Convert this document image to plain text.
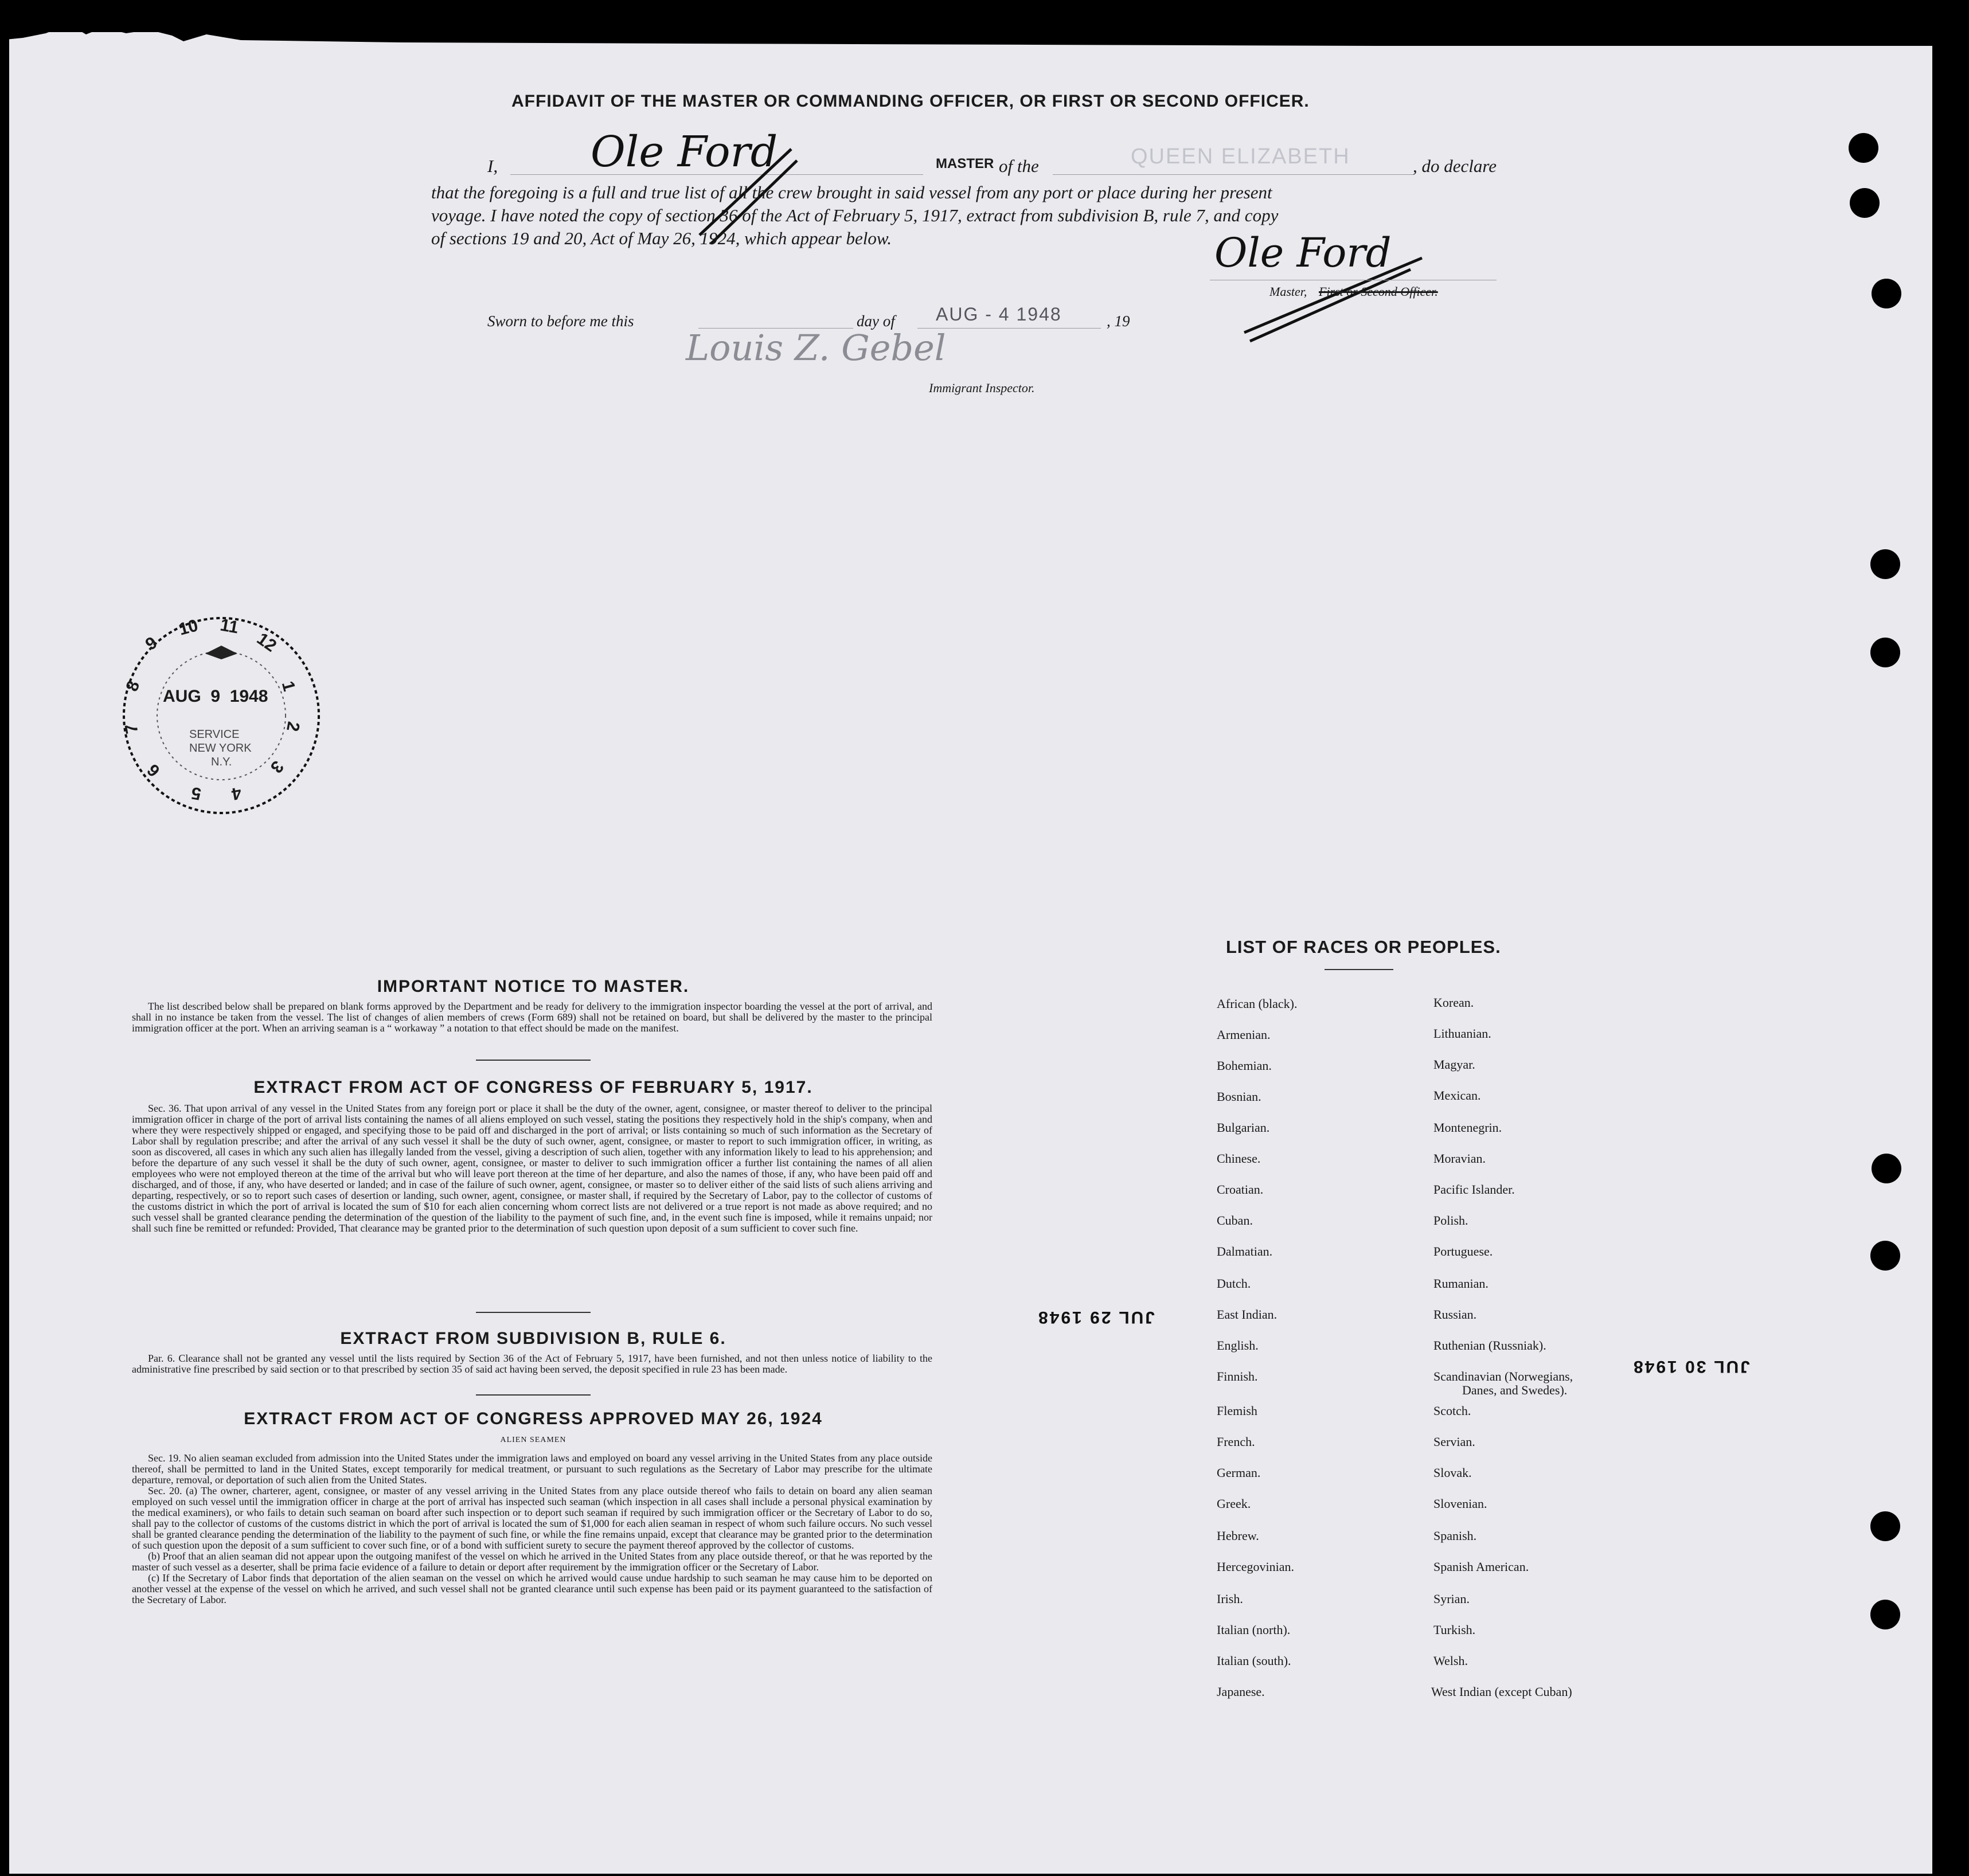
AFFIDAVIT OF THE MASTER OR COMMANDING OFFICER, OR FIRST OR SECOND OFFICER.
I, Ole Ford	MASTER of the	QUEEN ELIZABETH	, do declare
that the foregoing is a full and true list of all the crew brought in said vessel from any port or place during her present
voyage. I have noted the copy of section 36 of the Act of February 5, 1917, extract from subdivision B, rule 7, and copy
of sections 19 and 20, Act of May 26, 1924, which appear below.	Ole Ford
Master, First or Second Officer.
Sworn to before me this	day of AUG - 4 1948	, 19
Louis Z. Gebel
Immigrant Inspector.
9
10 11
12
1
2
3
4
5
6
7
8
AUG  9  1948
SERVICE
NEW YORK
N.Y.
IMPORTANT NOTICE TO MASTER.
The list described below shall be prepared on blank forms approved by the Department and be ready for delivery to the immigration inspector boarding the vessel at the port of arrival, and shall in no instance be taken from the vessel. The list of changes of alien members of crews (Form 689) shall not be retained on board, but shall be delivered by the master to the principal immigration officer at the port. When an arriving seaman is a “ workaway ” a notation to that effect should be made on the manifest.
EXTRACT FROM ACT OF CONGRESS OF FEBRUARY 5, 1917.
Sec. 36. That upon arrival of any vessel in the United States from any foreign port or place it shall be the duty of the owner, agent, consignee, or master thereof to deliver to the principal immigration officer in charge of the port of arrival lists containing the names of all aliens employed on such vessel, stating the positions they respectively hold in the ship's company, when and where they were respectively shipped or engaged, and specifying those to be paid off and discharged in the port of arrival; or lists containing so much of such information as the Secretary of Labor shall by regulation prescribe; and after the arrival of any such vessel it shall be the duty of such owner, agent, consignee, or master to report to such immigration officer, in writing, as soon as discovered, all cases in which any such alien has illegally landed from the vessel, giving a description of such alien, together with any information likely to lead to his apprehension; and before the departure of any such vessel it shall be the duty of such owner, agent, consignee, or master to deliver to such immigration officer a further list containing the names of all alien employees who were not employed thereon at the time of the arrival but who will leave port thereon at the time of her departure, and also the names of those, if any, who have been paid off and discharged, and of those, if any, who have deserted or landed; and in case of the failure of such owner, agent, consignee, or master so to deliver either of the said lists of such aliens arriving and departing, respectively, or so to report such cases of desertion or landing, such owner, agent, consignee, or master shall, if required by the Secretary of Labor, pay to the collector of customs of the customs district in which the port of arrival is located the sum of $10 for each alien concerning whom correct lists are not delivered or a true report is not made as above required; and no such vessel shall be granted clearance pending the determination of the question of the liability to the payment of such fine, and, in the event such fine is imposed, while it remains unpaid; nor shall such fine be remitted or refunded: Provided, That clearance may be granted prior to the determination of such question upon deposit of a sum sufficient to cover such fine.
EXTRACT FROM SUBDIVISION B, RULE 6.
Par. 6. Clearance shall not be granted any vessel until the lists required by Section 36 of the Act of February 5, 1917, have been furnished, and not then unless notice of liability to the administrative fine prescribed by said section or to that prescribed by section 35 of said act having been served, the deposit specified in rule 23 has been made.
EXTRACT FROM ACT OF CONGRESS APPROVED MAY 26, 1924
ALIEN SEAMEN

Sec. 19. No alien seaman excluded from admission into the United States under the immigration laws and employed on board any vessel arriving in the United States from any place outside thereof, shall be permitted to land in the United States, except temporarily for medical treatment, or pursuant to such regulations as the Secretary of Labor may prescribe for the ultimate departure, removal, or deportation of such alien from the United States.

Sec. 20. (a) The owner, charterer, agent, consignee, or master of any vessel arriving in the United States from any place outside thereof who fails to detain on board any alien seaman employed on such vessel until the immigration officer in charge at the port of arrival has inspected such seaman (which inspection in all cases shall include a personal physical examination by the medical examiners), or who fails to detain such seaman on board after such inspection or to deport such seaman if required by such immigration officer or the Secretary of Labor to do so, shall pay to the collector of customs of the customs district in which the port of arrival is located the sum of $1,000 for each alien seaman in respect of whom such failure occurs. No such vessel shall be granted clearance pending the determination of the liability to the payment of such fine, or while the fine remains unpaid, except that clearance may be granted prior to the determination of such question upon the deposit of a sum sufficient to cover such fine, or of a bond with sufficient surety to secure the payment thereof approved by the collector of customs.

(b) Proof that an alien seaman did not appear upon the outgoing manifest of the vessel on which he arrived in the United States from any place outside thereof, or that he was reported by the master of such vessel as a deserter, shall be prima facie evidence of a failure to detain or deport after requirement by the immigration officer or the Secretary of Labor.

(c) If the Secretary of Labor finds that deportation of the alien seaman on the vessel on which he arrived would cause undue hardship to such seaman he may cause him to be deported on another vessel at the expense of the vessel on which he arrived, and such vessel shall not be granted clearance until such expense has been paid or its payment guaranteed to the satisfaction of the Secretary of Labor.

LIST OF RACES OR PEOPLES.
African (black).
Armenian.
Bohemian.
Bosnian.
Bulgarian.
Chinese.
Croatian.
Cuban.
Dalmatian.
Dutch.
East Indian.
English.
Finnish.
Flemish
French.
German.
Greek.
Hebrew.
Hercegovinian.
Irish.
Italian (north).
Italian (south).
Japanese.
Korean.
Lithuanian.
Magyar.
Mexican.
Montenegrin.
Moravian.
Pacific Islander.
Polish.
Portuguese.
Rumanian.
Russian.
Ruthenian (Russniak).
Scandinavian (Norwegians,
Danes, and Swedes).
Scotch.
Servian.
Slovak.
Slovenian.
Spanish.
Spanish American.
Syrian.
Turkish.
Welsh.
West Indian (except Cuban)
JUL 29 1948
JUL 30 1948
